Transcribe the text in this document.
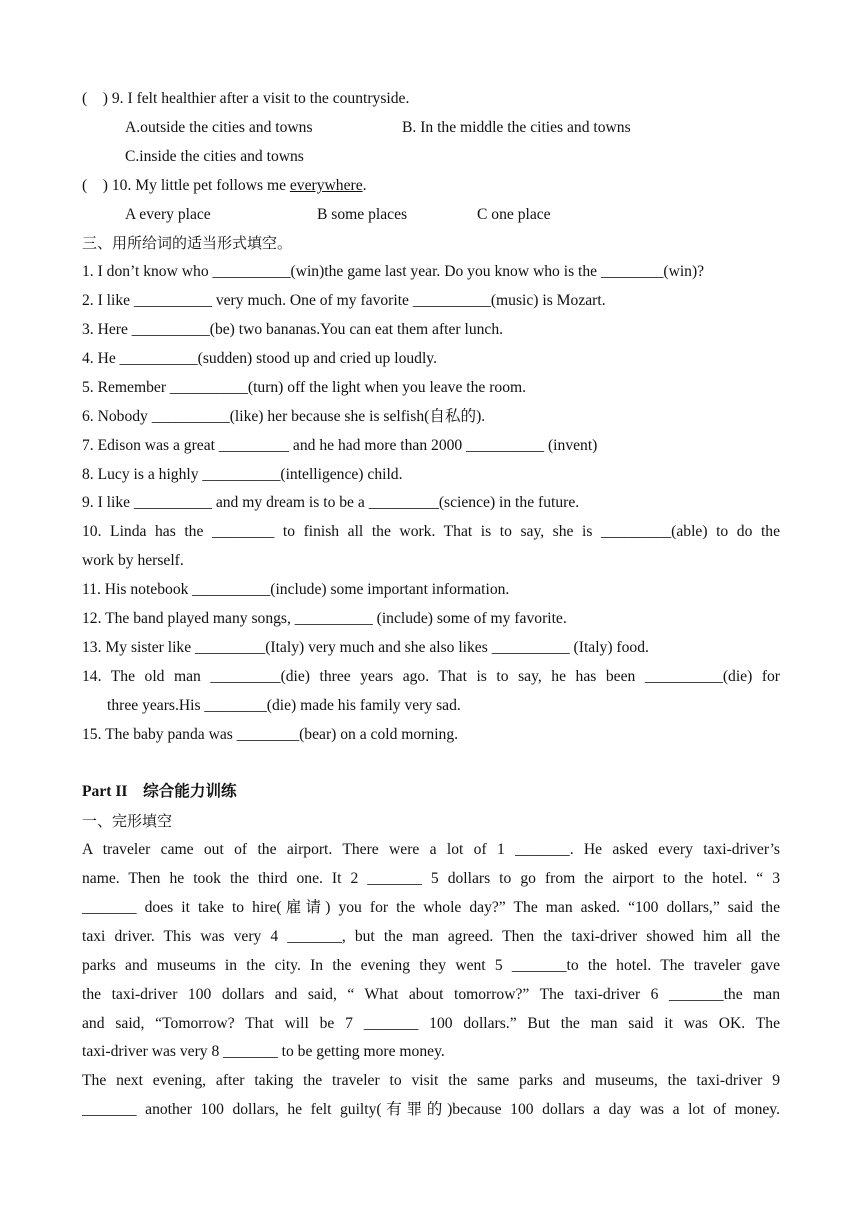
(    ) 9. I felt healthier after a visit to the countryside.
A.outside the cities and towns	B. In the middle the cities and towns
C.inside the cities and towns
(    ) 10. My little pet follows me everywhere.
A every place	B some places	C one place
三、用所给词的适当形式填空。
1. I don’t know who __________(win)the game last year. Do you know who is the ________(win)?
2. I like __________ very much. One of my favorite __________(music) is Mozart.
3. Here __________(be) two bananas.You can eat them after lunch.
4. He __________(sudden) stood up and cried up loudly.
5. Remember __________(turn) off the light when you leave the room.
6. Nobody __________(like) her because she is selfish(自私的).
7. Edison was a great _________ and he had more than 2000 __________ (invent)
8. Lucy is a highly __________(intelligence) child.
9. I like __________ and my dream is to be a _________(science) in the future.
10. Linda has the ________ to finish all the work. That is to say, she is _________(able) to do the
work by herself.
11. His notebook __________(include) some important information.
12. The band played many songs, __________ (include) some of my favorite.
13. My sister like _________(Italy) very much and she also likes __________ (Italy) food.
14. The old man _________(die) three years ago. That is to say, he has been __________(die) for
three years.His ________(die) made his family very sad.
15. The baby panda was ________(bear) on a cold morning.
Part II    综合能力训练
一、完形填空
A traveler came out of the airport. There were a lot of 1 _______. He asked every taxi-driver’s
name. Then he took the third one. It 2 _______ 5 dollars to go from the airport to the hotel. “ 3
_______ does it take to hire(雇请) you for the whole day?” The man asked. “100 dollars,” said the
taxi driver. This was very 4 _______, but the man agreed. Then the taxi-driver showed him all the
parks and museums in the city. In the evening they went 5 _______to the hotel. The traveler gave
the taxi-driver 100 dollars and said, “ What about tomorrow?” The taxi-driver 6 _______the man
and said, “Tomorrow? That will be 7 _______ 100 dollars.” But the man said it was OK. The
taxi-driver was very 8 _______ to be getting more money.
The next evening, after taking the traveler to visit the same parks and museums, the taxi-driver 9
_______ another 100 dollars, he felt guilty(有罪的)because 100 dollars a day was a lot of money.
